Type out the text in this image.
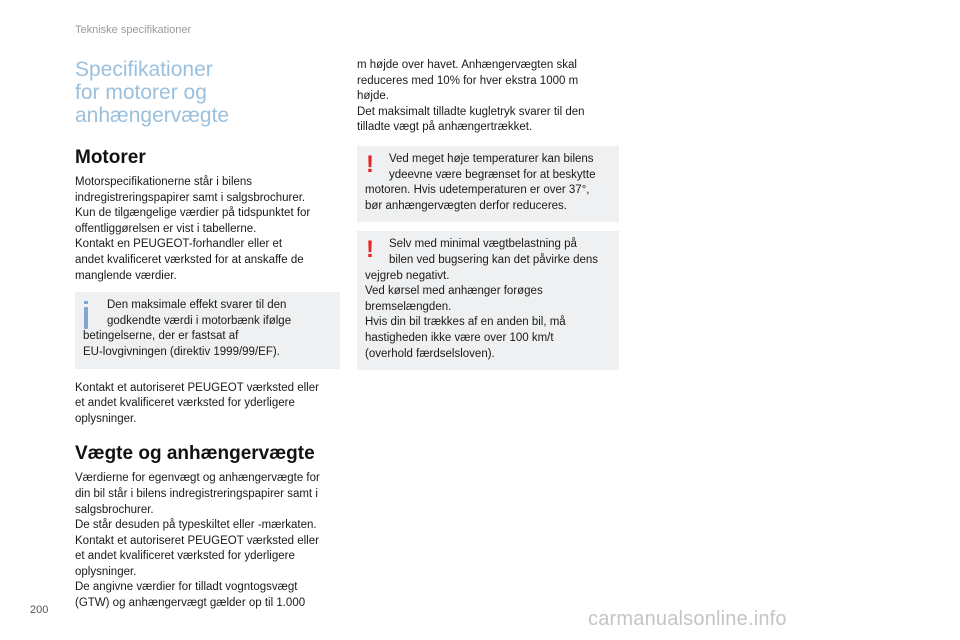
Tekniske specifikationer
Specifikationer
for motorer og
anhængervægte
Motorer

Motorspecifikationerne står i bilens
indregistreringspapirer samt i salgsbrochurer.
Kun de tilgængelige værdier på tidspunktet for
offentliggørelsen er vist i tabellerne.
Kontakt en PEUGEOT-forhandler eller et
andet kvalificeret værksted for at anskaffe de
manglende værdier.

Den maksimale effekt svarer til den
godkendte værdi i motorbænk ifølge
betingelserne, der er fastsat af
EU-lovgivningen (direktiv 1999/99/EF).

Kontakt et autoriseret PEUGEOT værksted eller
et andet kvalificeret værksted for yderligere
oplysninger.

Vægte og anhængervægte

Værdierne for egenvægt og anhængervægte for
din bil står i bilens indregistreringspapirer samt i
salgsbrochurer.
De står desuden på typeskiltet eller -mærkaten.
Kontakt et autoriseret PEUGEOT værksted eller
et andet kvalificeret værksted for yderligere
oplysninger.
De angivne værdier for tilladt vogntogsvægt
(GTW) og anhængervægt gælder op til 1.000

m højde over havet. Anhængervægten skal
reduceres med 10% for hver ekstra 1000 m
højde.
Det maksimalt tilladte kugletryk svarer til den
tilladte vægt på anhængertrækket.

!	Ved meget høje temperaturer kan bilens
ydeevne være begrænset for at beskytte
motoren. Hvis udetemperaturen er over 37°,
bør anhængervægten derfor reduceres.

!	Selv med minimal vægtbelastning på
bilen ved bugsering kan det påvirke dens
vejgreb negativt.
Ved kørsel med anhænger forøges
bremselængden.
Hvis din bil trækkes af en anden bil, må
hastigheden ikke være over 100 km/t
(overhold færdselsloven).

200	carmanualsonline.info
